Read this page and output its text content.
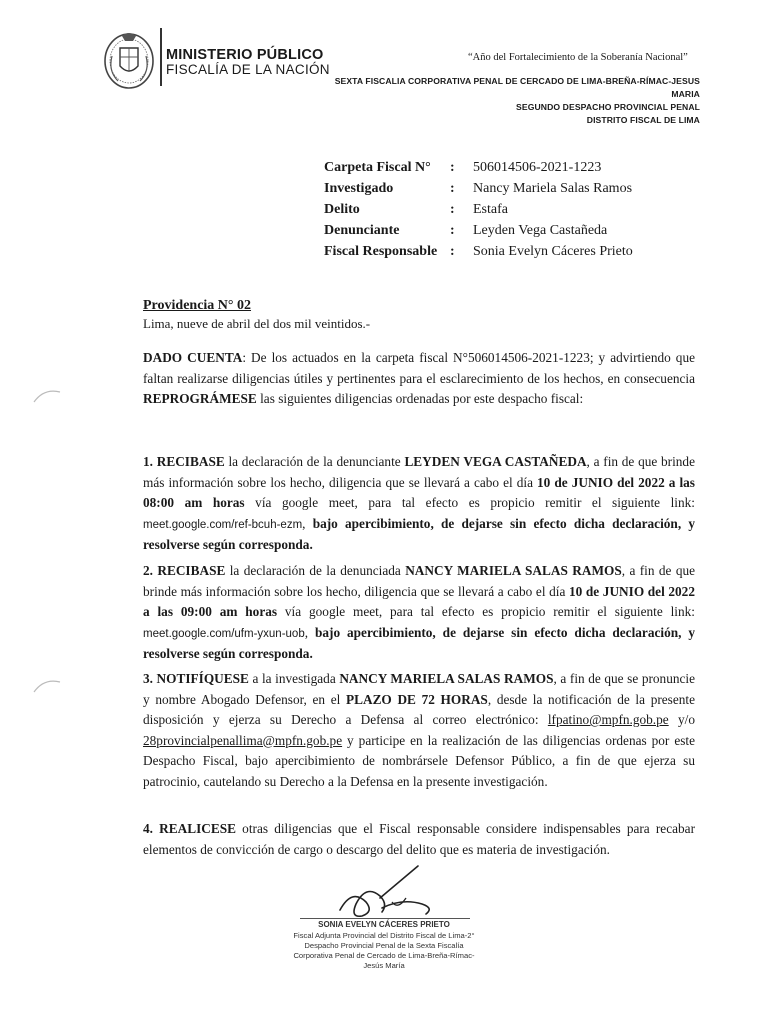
MINISTERIO PÚBLICO
FISCALÍA DE LA NACIÓN
“Año del Fortalecimiento de la Soberanía Nacional”
SEXTA FISCALIA CORPORATIVA PENAL DE CERCADO DE LIMA-BREÑA-RÍMAC-JESUS
MARIA
SEGUNDO DESPACHO PROVINCIAL PENAL
DISTRITO FISCAL DE LIMA
Carpeta Fiscal N°	:	506014506-2021-1223
Investigado	:	Nancy Mariela Salas Ramos
Delito	:	Estafa
Denunciante	:	Leyden Vega Castañeda
Fiscal Responsable	:	Sonia Evelyn Cáceres Prieto
Providencia N° 02
Lima, nueve de abril del dos mil veintidos.-
DADO CUENTA: De los actuados en la carpeta fiscal N°506014506-2021-1223; y advirtiendo que faltan realizarse diligencias útiles y pertinentes para el esclarecimiento de los hechos, en consecuencia REPROGRÁMESE las siguientes diligencias ordenadas por este despacho fiscal:
1. RECIBASE la declaración de la denunciante LEYDEN VEGA CASTAÑEDA, a fin de que brinde más información sobre los hecho, diligencia que se llevará a cabo el día 10 de JUNIO del 2022 a las 08:00 am horas vía google meet, para tal efecto es propicio remitir el siguiente link: meet.google.com/ref-bcuh-ezm, bajo apercibimiento, de dejarse sin efecto dicha declaración, y resolverse según corresponda.
2. RECIBASE la declaración de la denunciada NANCY MARIELA SALAS RAMOS, a fin de que brinde más información sobre los hecho, diligencia que se llevará a cabo el día 10 de JUNIO del 2022 a las 09:00 am horas vía google meet, para tal efecto es propicio remitir el siguiente link: meet.google.com/ufm-yxun-uob, bajo apercibimiento, de dejarse sin efecto dicha declaración, y resolverse según corresponda.
3. NOTIFÍQUESE a la investigada NANCY MARIELA SALAS RAMOS, a fin de que se pronuncie y nombre Abogado Defensor, en el PLAZO DE 72 HORAS, desde la notificación de la presente disposición y ejerza su Derecho a Defensa al correo electrónico: lfpatino@mpfn.gob.pe y/o 28provincialpenallima@mpfn.gob.pe y participe en la realización de las diligencias ordenas por este Despacho Fiscal, bajo apercibimiento de nombrársele Defensor Público, a fin de que ejerza su patrocinio, cautelando su Derecho a la Defensa en la presente investigación.
4. REALICESE otras diligencias que el Fiscal responsable considere indispensables para recabar elementos de convicción de cargo o descargo del delito que es materia de investigación.
SONIA EVELYN CÁCERES PRIETO
Fiscal Adjunta Provincial del Distrito Fiscal de Lima-2°
Despacho Provincial Penal de la Sexta Fiscalía
Corporativa Penal de Cercado de Lima-Breña-Rímac-
Jesús María
